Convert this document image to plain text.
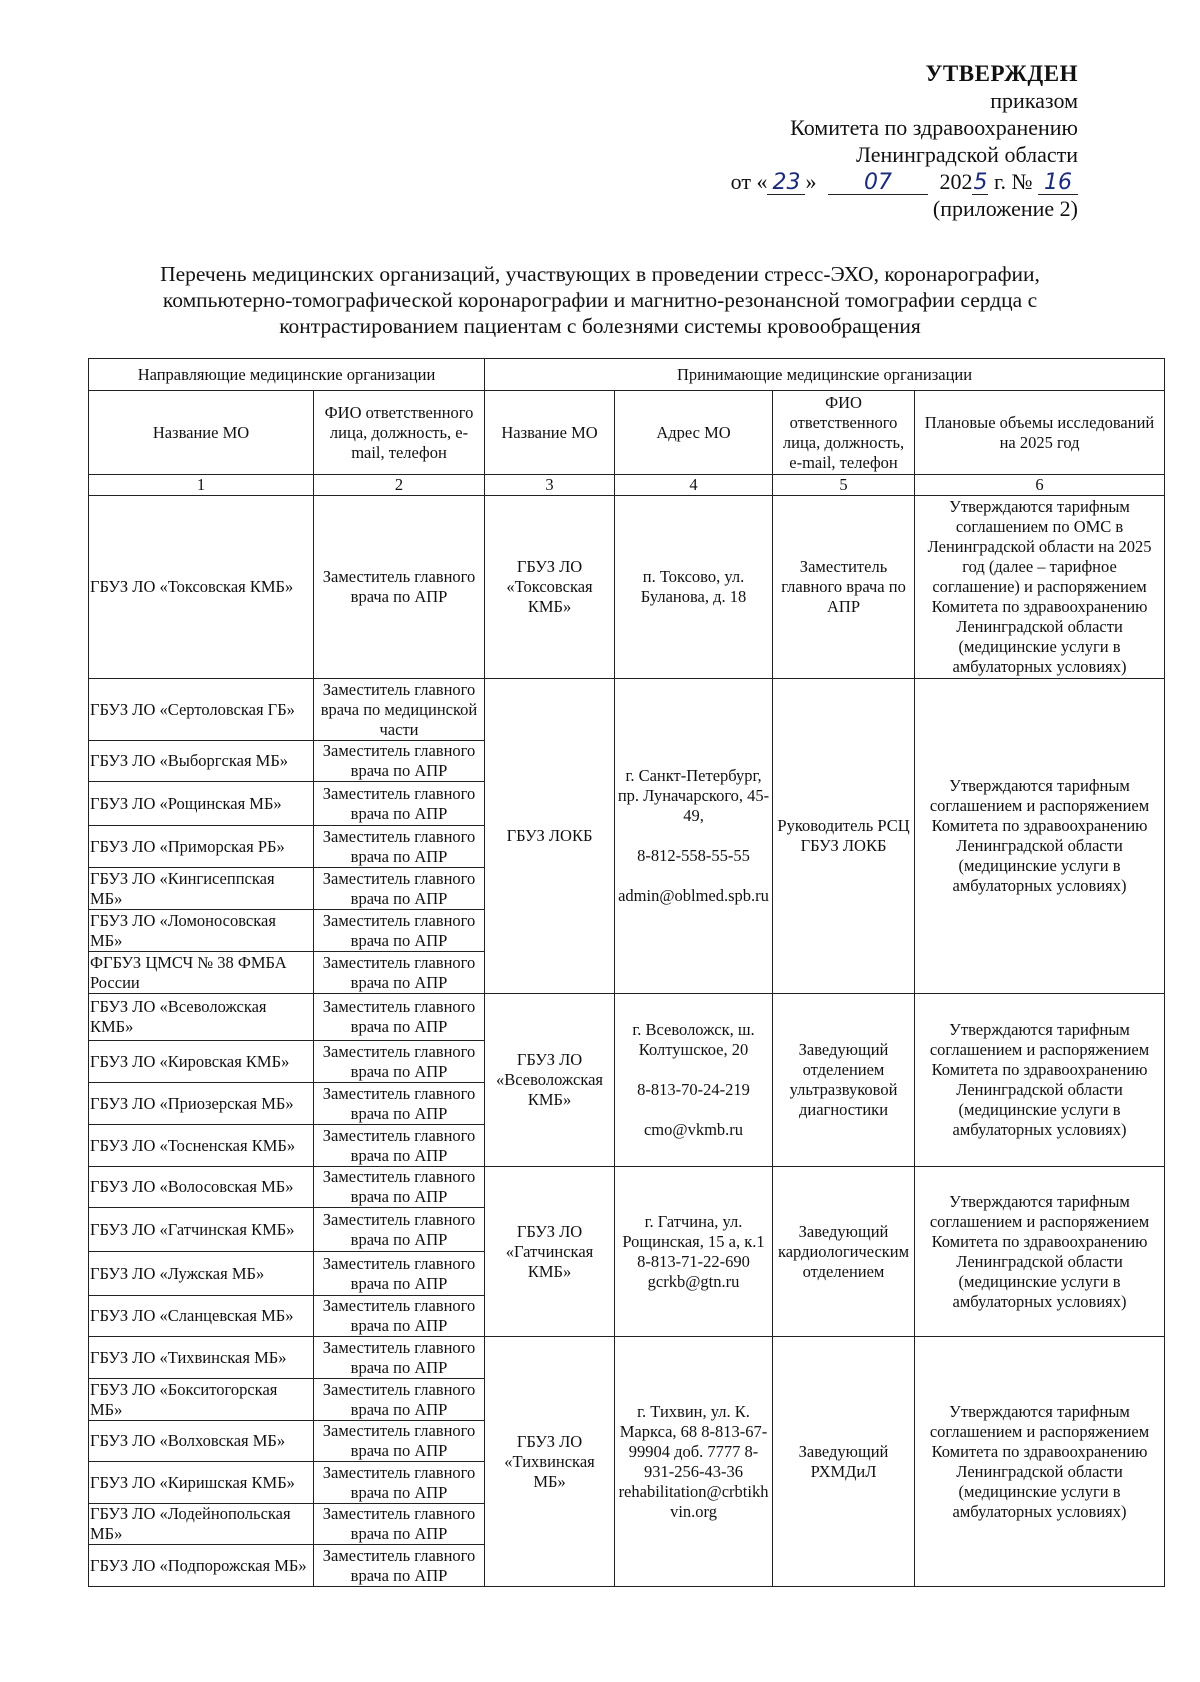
УТВЕРЖДЕН
приказом
Комитета по здравоохранению
Ленинградской области
от « 23 » 07 2025 г. № 16
(приложение 2)
Перечень медицинских организаций, участвующих в проведении стресс-ЭХО, коронарографии, компьютерно-томографической коронарографии и магнитно-резонансной томографии сердца с контрастированием пациентам с болезнями системы кровообращения
Направляющие медицинские организации		Принимающие медицинские организации			
Название МО	ФИО ответственного лица, должность, e-mail, телефон	Название МО	Адрес МО	ФИО ответственного лица, должность, e-mail, телефон	Плановые объемы исследований на 2025 год
1	2	3	4	5	6
ГБУЗ ЛО «Токсовская КМБ»	Заместитель главного врача по АПР	ГБУЗ ЛО «Токсовская КМБ»	п. Токсово, ул. Буланова, д. 18	Заместитель главного врача по АПР	Утверждаются тарифным соглашением по ОМС в Ленинградской области на 2025 год (далее – тарифное соглашение) и распоряжением Комитета по здравоохранению Ленинградской области (медицинские услуги в амбулаторных условиях)
ГБУЗ ЛО «Сертоловская ГБ»	Заместитель главного врача по медицинской части	ГБУЗ ЛОКБ	г. Санкт-Петербург, пр. Луначарского, 45-49,

8-812-558-55-55

admin@oblmed.spb.ru	Руководитель РСЦ ГБУЗ ЛОКБ	Утверждаются тарифным соглашением и распоряжением Комитета по здравоохранению Ленинградской области (медицинские услуги в амбулаторных условиях)
ГБУЗ ЛО «Выборгская МБ»	Заместитель главного врача по АПР				
ГБУЗ ЛО «Рощинская МБ»	Заместитель главного врача по АПР				
ГБУЗ ЛО «Приморская РБ»	Заместитель главного врача по АПР				
ГБУЗ ЛО «Кингисеппская МБ»	Заместитель главного врача по АПР				
ГБУЗ ЛО «Ломоносовская МБ»	Заместитель главного врача по АПР				
ФГБУЗ ЦМСЧ № 38 ФМБА России	Заместитель главного врача по АПР				
ГБУЗ ЛО «Всеволожская КМБ»	Заместитель главного врача по АПР	ГБУЗ ЛО «Всеволожская КМБ»	г. Всеволожск, ш. Колтушское, 20

8-813-70-24-219

cmo@vkmb.ru	Заведующий отделением ультразвуковой диагностики	Утверждаются тарифным соглашением и распоряжением Комитета по здравоохранению Ленинградской области (медицинские услуги в амбулаторных условиях)
ГБУЗ ЛО «Кировская КМБ»	Заместитель главного врача по АПР				
ГБУЗ ЛО «Приозерская МБ»	Заместитель главного врача по АПР				
ГБУЗ ЛО «Тосненская КМБ»	Заместитель главного врача по АПР				
ГБУЗ ЛО «Волосовская МБ»	Заместитель главного врача по АПР	ГБУЗ ЛО «Гатчинская КМБ»	г. Гатчина, ул. Рощинская, 15 а, к.1 8-813-71-22-690 gcrkb@gtn.ru	Заведующий кардиологическим отделением	Утверждаются тарифным соглашением и распоряжением Комитета по здравоохранению Ленинградской области (медицинские услуги в амбулаторных условиях)
ГБУЗ ЛО «Гатчинская КМБ»	Заместитель главного врача по АПР				
ГБУЗ ЛО «Лужская МБ»	Заместитель главного врача по АПР				
ГБУЗ ЛО «Сланцевская МБ»	Заместитель главного врача по АПР				
ГБУЗ ЛО «Тихвинская МБ»	Заместитель главного врача по АПР	ГБУЗ ЛО «Тихвинская МБ»	г. Тихвин, ул. К. Маркса, 68 8-813-67-99904 доб. 7777 8-931-256-43-36 rehabilitation@crbtikhvin.org	Заведующий РХМДиЛ	Утверждаются тарифным соглашением и распоряжением Комитета по здравоохранению Ленинградской области (медицинские услуги в амбулаторных условиях)
ГБУЗ ЛО «Бокситогорская МБ»	Заместитель главного врача по АПР				
ГБУЗ ЛО «Волховская МБ»	Заместитель главного врача по АПР				
ГБУЗ ЛО «Киришская КМБ»	Заместитель главного врача по АПР				
ГБУЗ ЛО «Лодейнопольская МБ»	Заместитель главного врача по АПР				
ГБУЗ ЛО «Подпорожская МБ»	Заместитель главного врача по АПР				
